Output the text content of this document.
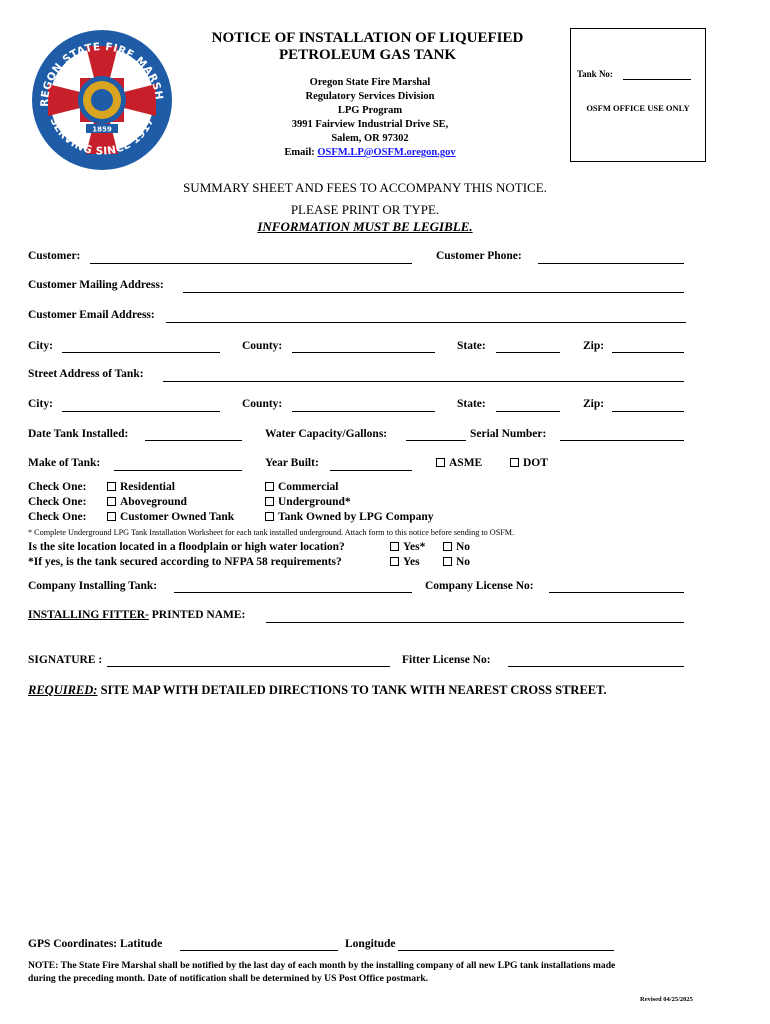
1859
REGON STATE FIRE MARSH
SERVING SINCE 1917
NOTICE OF INSTALLATION OF LIQUEFIED
PETROLEUM GAS TANK
Oregon State Fire Marshal
Regulatory Services Division
LPG Program
3991 Fairview Industrial Drive SE,
Salem, OR 97302
Email: OSFM.LP@OSFM.oregon.gov
Tank No:
OSFM OFFICE USE ONLY
SUMMARY SHEET AND FEES TO ACCOMPANY THIS NOTICE.
PLEASE PRINT OR TYPE.
INFORMATION MUST BE LEGIBLE.
Customer:	Customer Phone:
Customer Mailing Address:
Customer Email Address:
City:	County:	State:	Zip:
Street Address of Tank:
City:	County:	State:	Zip:
Date Tank Installed:	Water Capacity/Gallons:	Serial Number:
Make of Tank:	Year Built:	ASME	DOT
Check One:	Residential	Commercial
Check One:	Aboveground	Underground*
Check One:	Customer Owned Tank	Tank Owned by LPG Company
* Complete Underground LPG Tank Installation Worksheet for each tank installed underground. Attach form to this notice before sending to OSFM.
Is the site location located in a floodplain or high water location?	Yes*	No
*If yes, is the tank secured according to NFPA 58 requirements?	Yes	No
Company Installing Tank:	Company License No:
INSTALLING FITTER- PRINTED NAME:
SIGNATURE :	Fitter License No:
REQUIRED: SITE MAP WITH DETAILED DIRECTIONS TO TANK WITH NEAREST CROSS STREET.
GPS Coordinates: Latitude	Longitude
NOTE: The State Fire Marshal shall be notified by the last day of each month by the installing company of all new LPG tank installations made
during the preceding month. Date of notification shall be determined by US Post Office postmark.
Revised 04/25/2025
